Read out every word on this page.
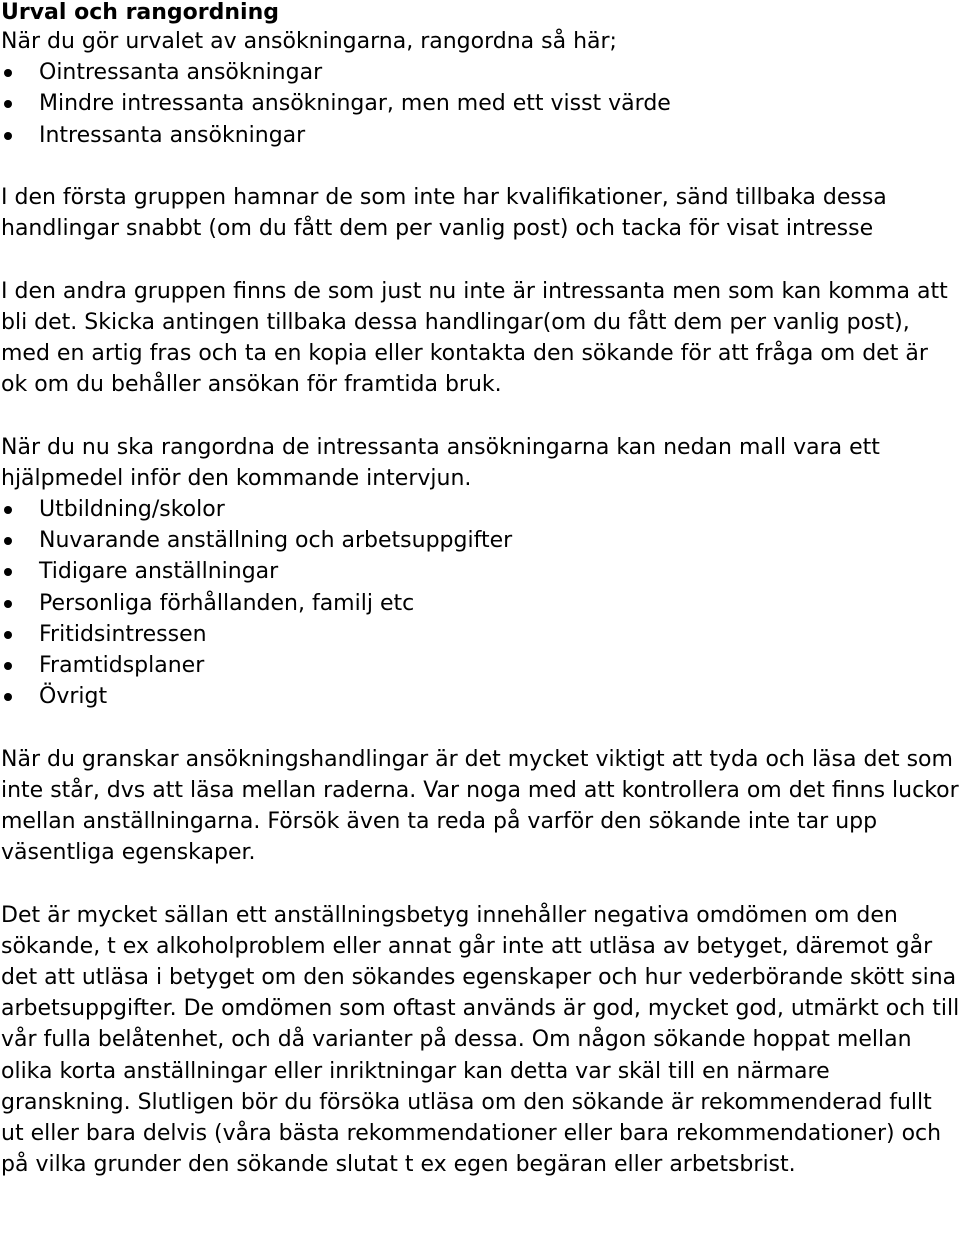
Urval och rangordning

När du gör urvalet av ansökningarna, rangordna så här;

Ointressanta ansökningar
Mindre intressanta ansökningar, men med ett visst värde
Intressanta ansökningar

I den första gruppen hamnar de som inte har kvalifikationer, sänd tillbaka dessa handlingar snabbt (om du fått dem per vanlig post) och tacka för visat intresse

I den andra gruppen finns de som just nu inte är intressanta men som kan komma att bli det. Skicka antingen tillbaka dessa handlingar(om du fått dem per vanlig post), med en artig fras och ta en kopia eller kontakta den sökande för att fråga om det är ok om du behåller ansökan för framtida bruk.

När du nu ska rangordna de intressanta ansökningarna kan nedan mall vara ett hjälpmedel inför den kommande intervjun.

Utbildning/skolor
Nuvarande anställning och arbetsuppgifter
Tidigare anställningar
Personliga förhållanden, familj etc
Fritidsintressen
Framtidsplaner
Övrigt

När du granskar ansökningshandlingar är det mycket viktigt att tyda och läsa det som inte står, dvs att läsa mellan raderna. Var noga med att kontrollera om det finns luckor mellan anställningarna. Försök även ta reda på varför den sökande inte tar upp väsentliga egenskaper.

Det är mycket sällan ett anställningsbetyg innehåller negativa omdömen om den sökande, t ex alkoholproblem eller annat går inte att utläsa av betyget, däremot går det att utläsa i betyget om den sökandes egenskaper och hur vederbörande skött sina arbetsuppgifter. De omdömen som oftast används är god, mycket god, utmärkt och till vår fulla belåtenhet, och då varianter på dessa. Om någon sökande hoppat mellan olika korta anställningar eller inriktningar kan detta var skäl till en närmare granskning. Slutligen bör du försöka utläsa om den sökande är rekommenderad fullt ut eller bara delvis (våra bästa rekommendationer eller bara rekommendationer) och på vilka grunder den sökande slutat t ex egen begäran eller arbetsbrist.
